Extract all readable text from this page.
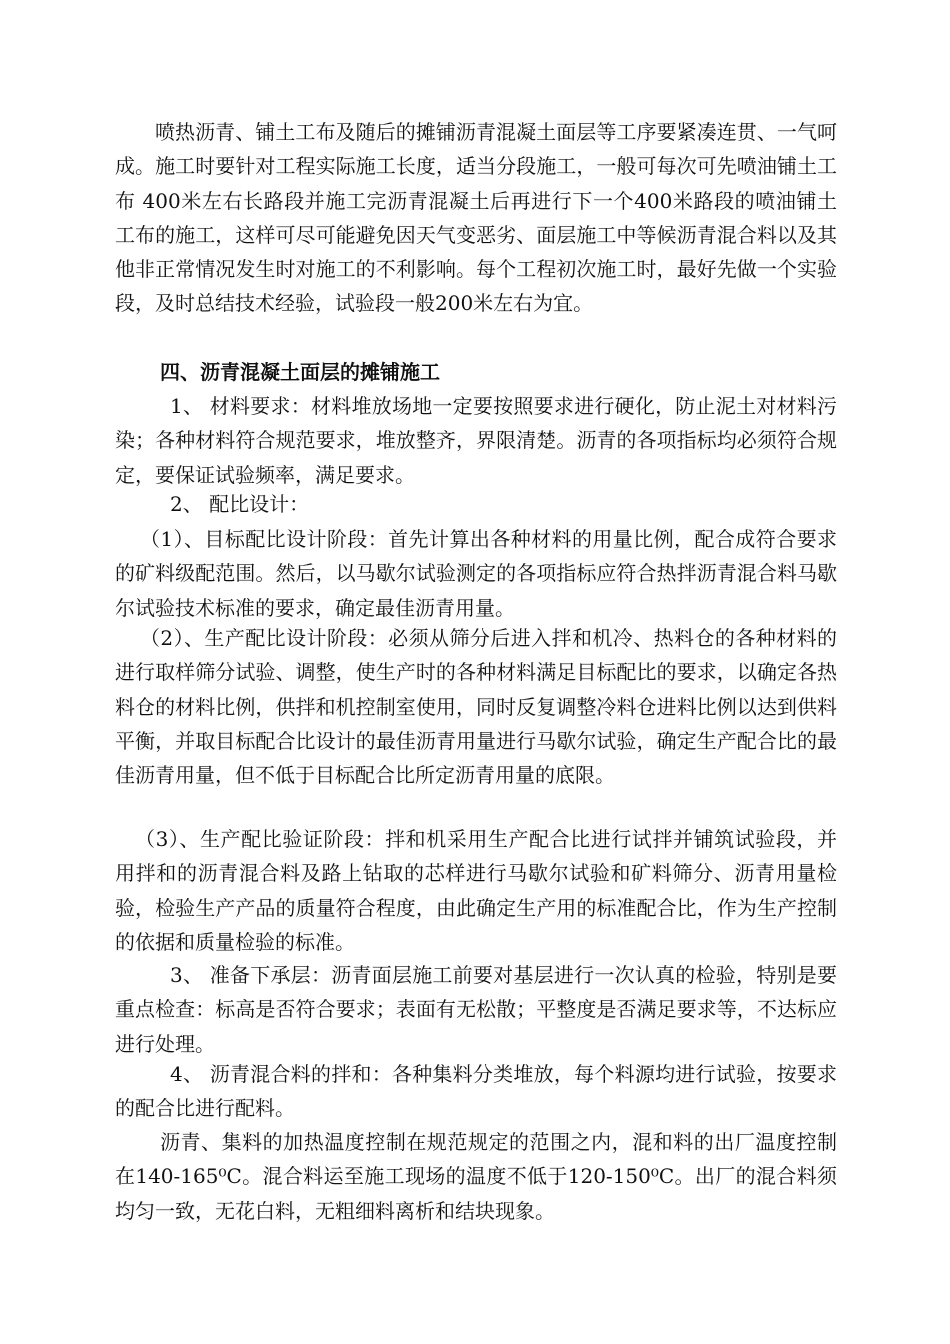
喷热沥青、铺土工布及随后的摊铺沥青混凝土面层等工序要紧凑连贯、一气呵成。施工时要针对工程实际施工长度，适当分段施工，一般可每次可先喷油铺土工布 400米左右长路段并施工完沥青混凝土后再进行下一个400米路段的喷油铺土工布的施工，这样可尽可能避免因天气变恶劣、面层施工中等候沥青混合料以及其他非正常情况发生时对施工的不利影响。每个工程初次施工时，最好先做一个实验段，及时总结技术经验，试验段一般200米左右为宜。

四、沥青混凝土面层的摊铺施工

1、 材料要求：材料堆放场地一定要按照要求进行硬化，防止泥土对材料污染；各种材料符合规范要求，堆放整齐，界限清楚。沥青的各项指标均必须符合规定，要保证试验频率，满足要求。

2、 配比设计：

（1）、目标配比设计阶段：首先计算出各种材料的用量比例，配合成符合要求的矿料级配范围。然后，以马歇尔试验测定的各项指标应符合热拌沥青混合料马歇尔试验技术标准的要求，确定最佳沥青用量。

（2）、生产配比设计阶段：必须从筛分后进入拌和机冷、热料仓的各种材料的进行取样筛分试验、调整，使生产时的各种材料满足目标配比的要求，以确定各热料仓的材料比例，供拌和机控制室使用，同时反复调整冷料仓进料比例以达到供料平衡，并取目标配合比设计的最佳沥青用量进行马歇尔试验，确定生产配合比的最佳沥青用量，但不低于目标配合比所定沥青用量的底限。

（3）、生产配比验证阶段：拌和机采用生产配合比进行试拌并铺筑试验段，并用拌和的沥青混合料及路上钻取的芯样进行马歇尔试验和矿料筛分、沥青用量检验，检验生产产品的质量符合程度，由此确定生产用的标准配合比，作为生产控制的依据和质量检验的标准。

3、 准备下承层：沥青面层施工前要对基层进行一次认真的检验，特别是要重点检查：标高是否符合要求；表面有无松散；平整度是否满足要求等，不达标应进行处理。

4、 沥青混合料的拌和：各种集料分类堆放，每个料源均进行试验，按要求的配合比进行配料。

沥青、集料的加热温度控制在规范规定的范围之内，混和料的出厂温度控制在140-165⁰C。混合料运至施工现场的温度不低于120-150⁰C。出厂的混合料须均匀一致，无花白料，无粗细料离析和结块现象。
